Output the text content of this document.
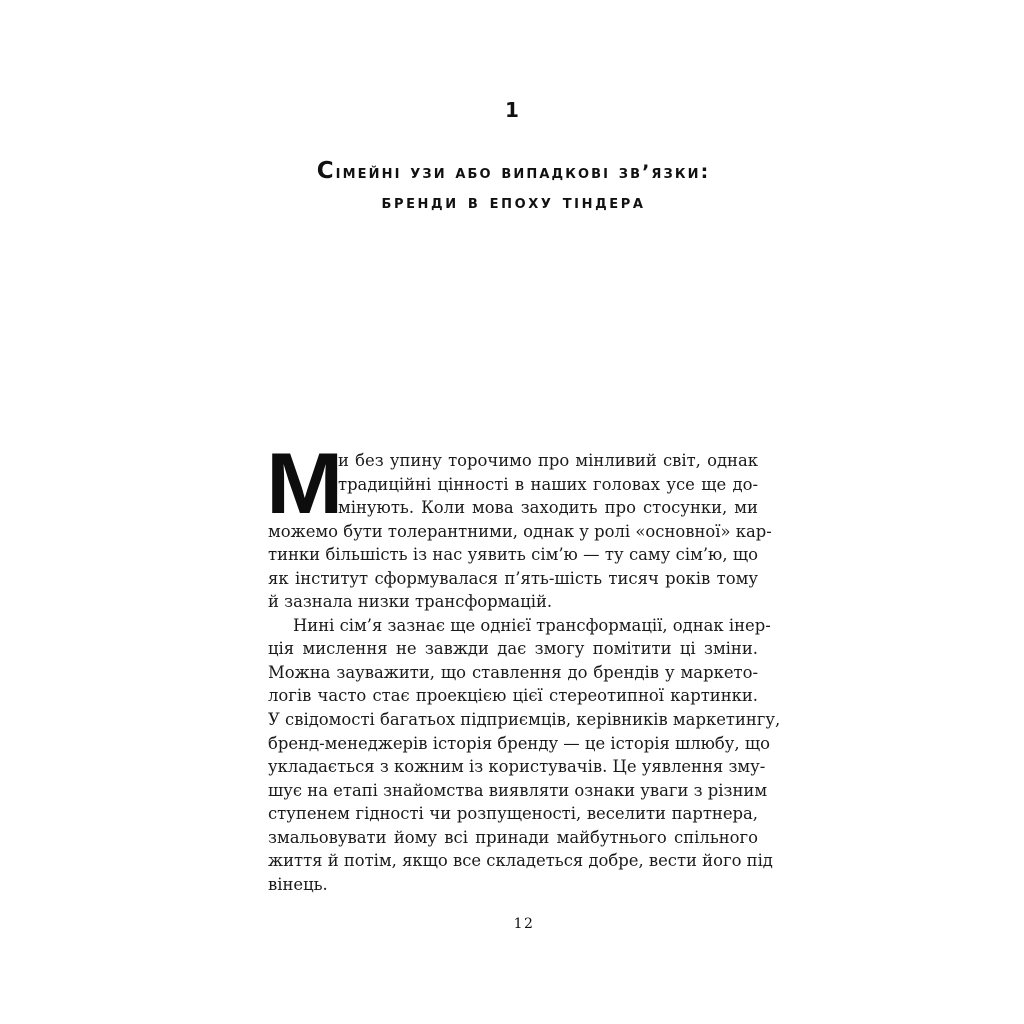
1
Сімейні узи або випадкові зв’язки:
бренди в епоху тіндера

М
и без упину торочимо про мінливий світ, однак
традиційні цінності в наших головах усе ще до-
мінують. Коли мова заходить про стосунки, ми
можемо бути толерантними, однак у ролі «основної» кар-
тинки більшість із нас уявить сім’ю — ту саму сім’ю, що
як інститут сформувалася п’ять-шість тисяч років тому
й зазнала низки трансформацій.

Нині сім’я зазнає ще однієї трансформації, однак інер-
ція мислення не завжди дає змогу помітити ці зміни.
Можна зауважити, що ставлення до брендів у маркето-
логів часто стає проекцією цієї стереотипної картинки.
У свідомості багатьох підприємців, керівників маркетингу,
бренд-менеджерів історія бренду — це історія шлюбу, що
укладається з кожним із користувачів. Це уявлення зму-
шує на етапі знайомства виявляти ознаки уваги з різним
ступенем гідності чи розпущеності, веселити партнера,
змальовувати йому всі принади майбутнього спільного
життя й потім, якщо все складеться добре, вести його під
вінець.

12
